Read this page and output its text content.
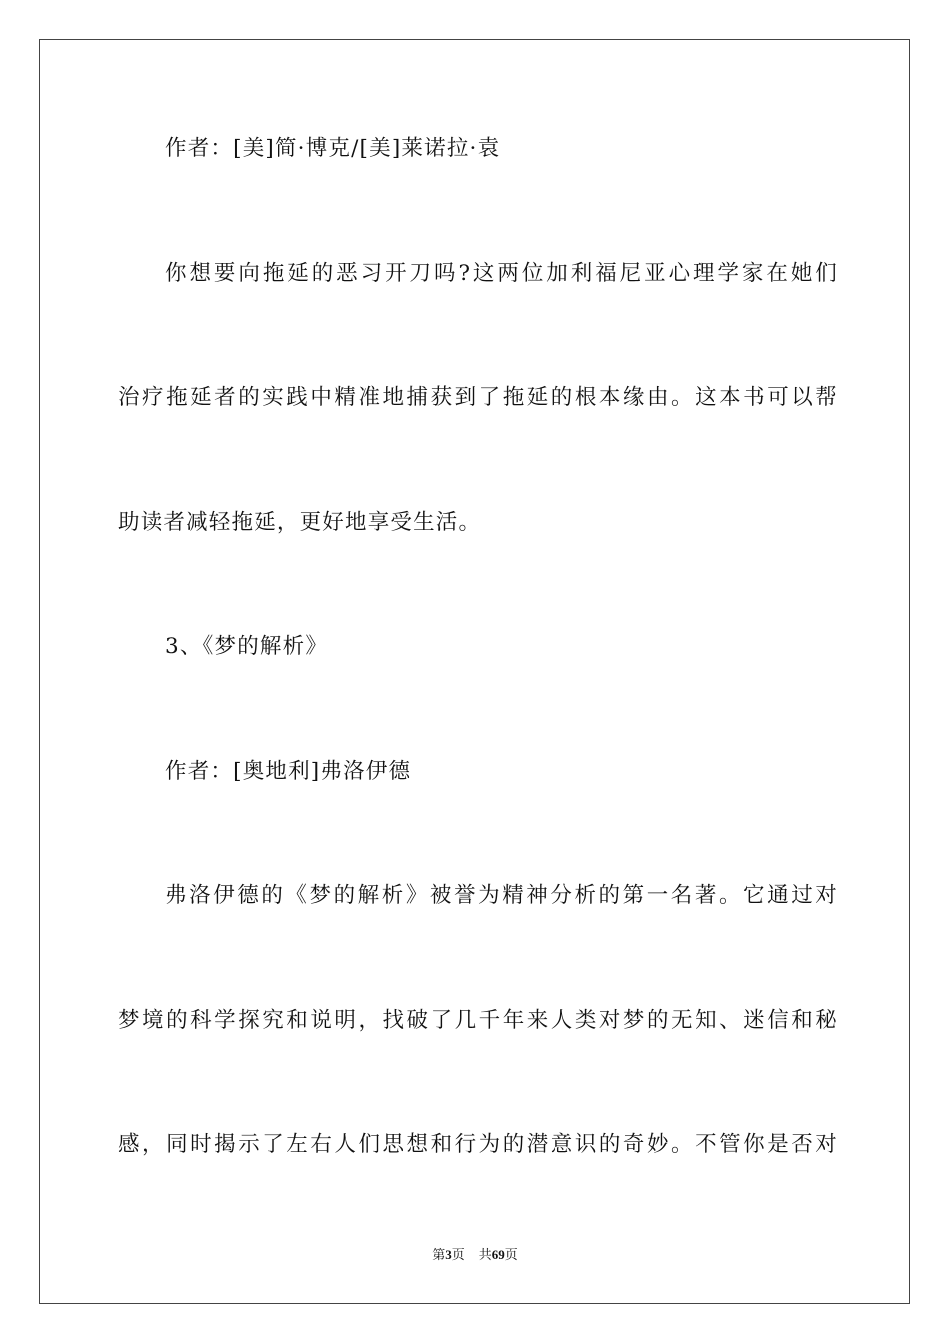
作者：[美]简·博克/[美]莱诺拉·袁
你想要向拖延的恶习开刀吗?这两位加利福尼亚心理学家在她们
治疗拖延者的实践中精准地捕获到了拖延的根本缘由。这本书可以帮
助读者减轻拖延，更好地享受生活。
3、《梦的解析》
作者：[奥地利]弗洛伊德
弗洛伊德的《梦的解析》被誉为精神分析的第一名著。它通过对
梦境的科学探究和说明，找破了几千年来人类对梦的无知、迷信和秘
感，同时揭示了左右人们思想和行为的潜意识的奇妙。不管你是否对
第3页 共69页
